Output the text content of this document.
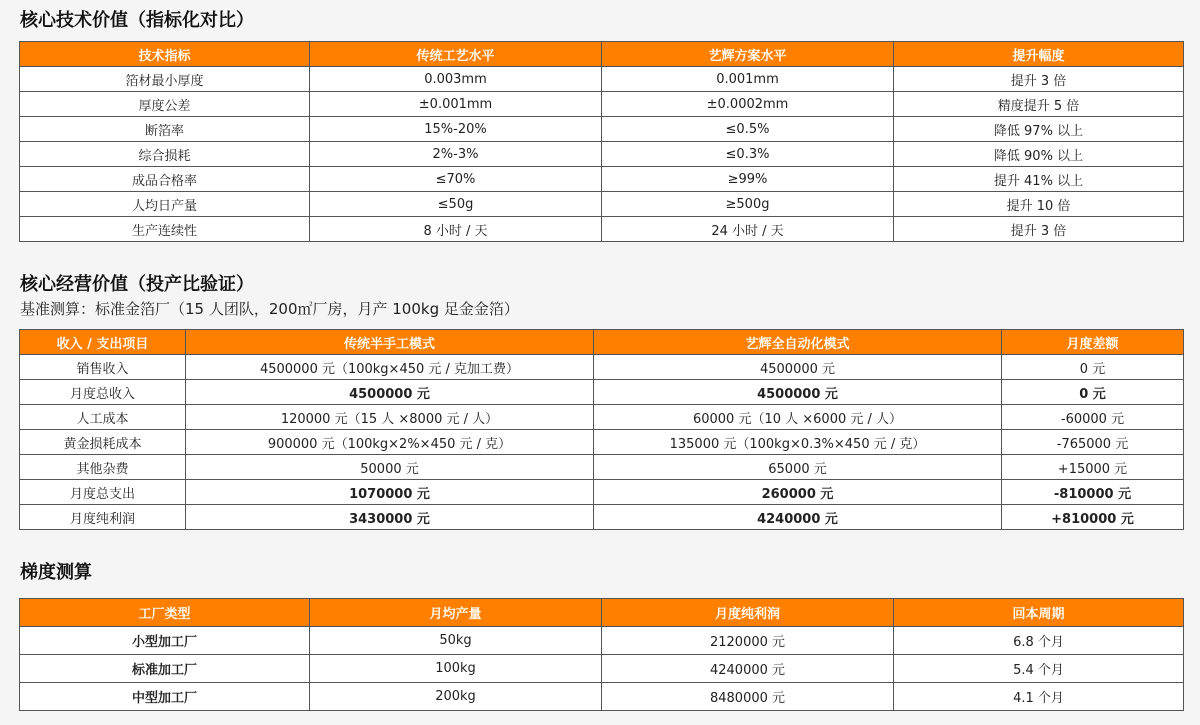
核心技术价值（指标化对比）
技术指标	传统工艺水平	艺辉方案水平	提升幅度
箔材最小厚度	0.003mm	0.001mm	提升 3 倍
厚度公差	±0.001mm	±0.0002mm	精度提升 5 倍
断箔率	15%-20%	≤0.5%	降低 97% 以上
综合损耗	2%-3%	≤0.3%	降低 90% 以上
成品合格率	≤70%	≥99%	提升 41% 以上
人均日产量	≤50g	≥500g	提升 10 倍
生产连续性	8 小时 / 天	24 小时 / 天	提升 3 倍
核心经营价值（投产比验证）

基准测算：标准金箔厂（15 人团队，200㎡厂房，月产 100kg 足金金箔）

收入 / 支出项目	传统半手工模式	艺辉全自动化模式	月度差额
销售收入	4500000 元（100kg×450 元 / 克加工费）	4500000 元	0 元
月度总收入	4500000 元	4500000 元	0 元
人工成本	120000 元（15 人 ×8000 元 / 人）	60000 元（10 人 ×6000 元 / 人）	-60000 元
黄金损耗成本	900000 元（100kg×2%×450 元 / 克）	135000 元（100kg×0.3%×450 元 / 克）	-765000 元
其他杂费	50000 元	65000 元	+15000 元
月度总支出	1070000 元	260000 元	-810000 元
月度纯利润	3430000 元	4240000 元	+810000 元
梯度测算
工厂类型	月均产量	月度纯利润	回本周期
小型加工厂	50kg	2120000 元	6.8 个月
标准加工厂	100kg	4240000 元	5.4 个月
中型加工厂	200kg	8480000 元	4.1 个月
